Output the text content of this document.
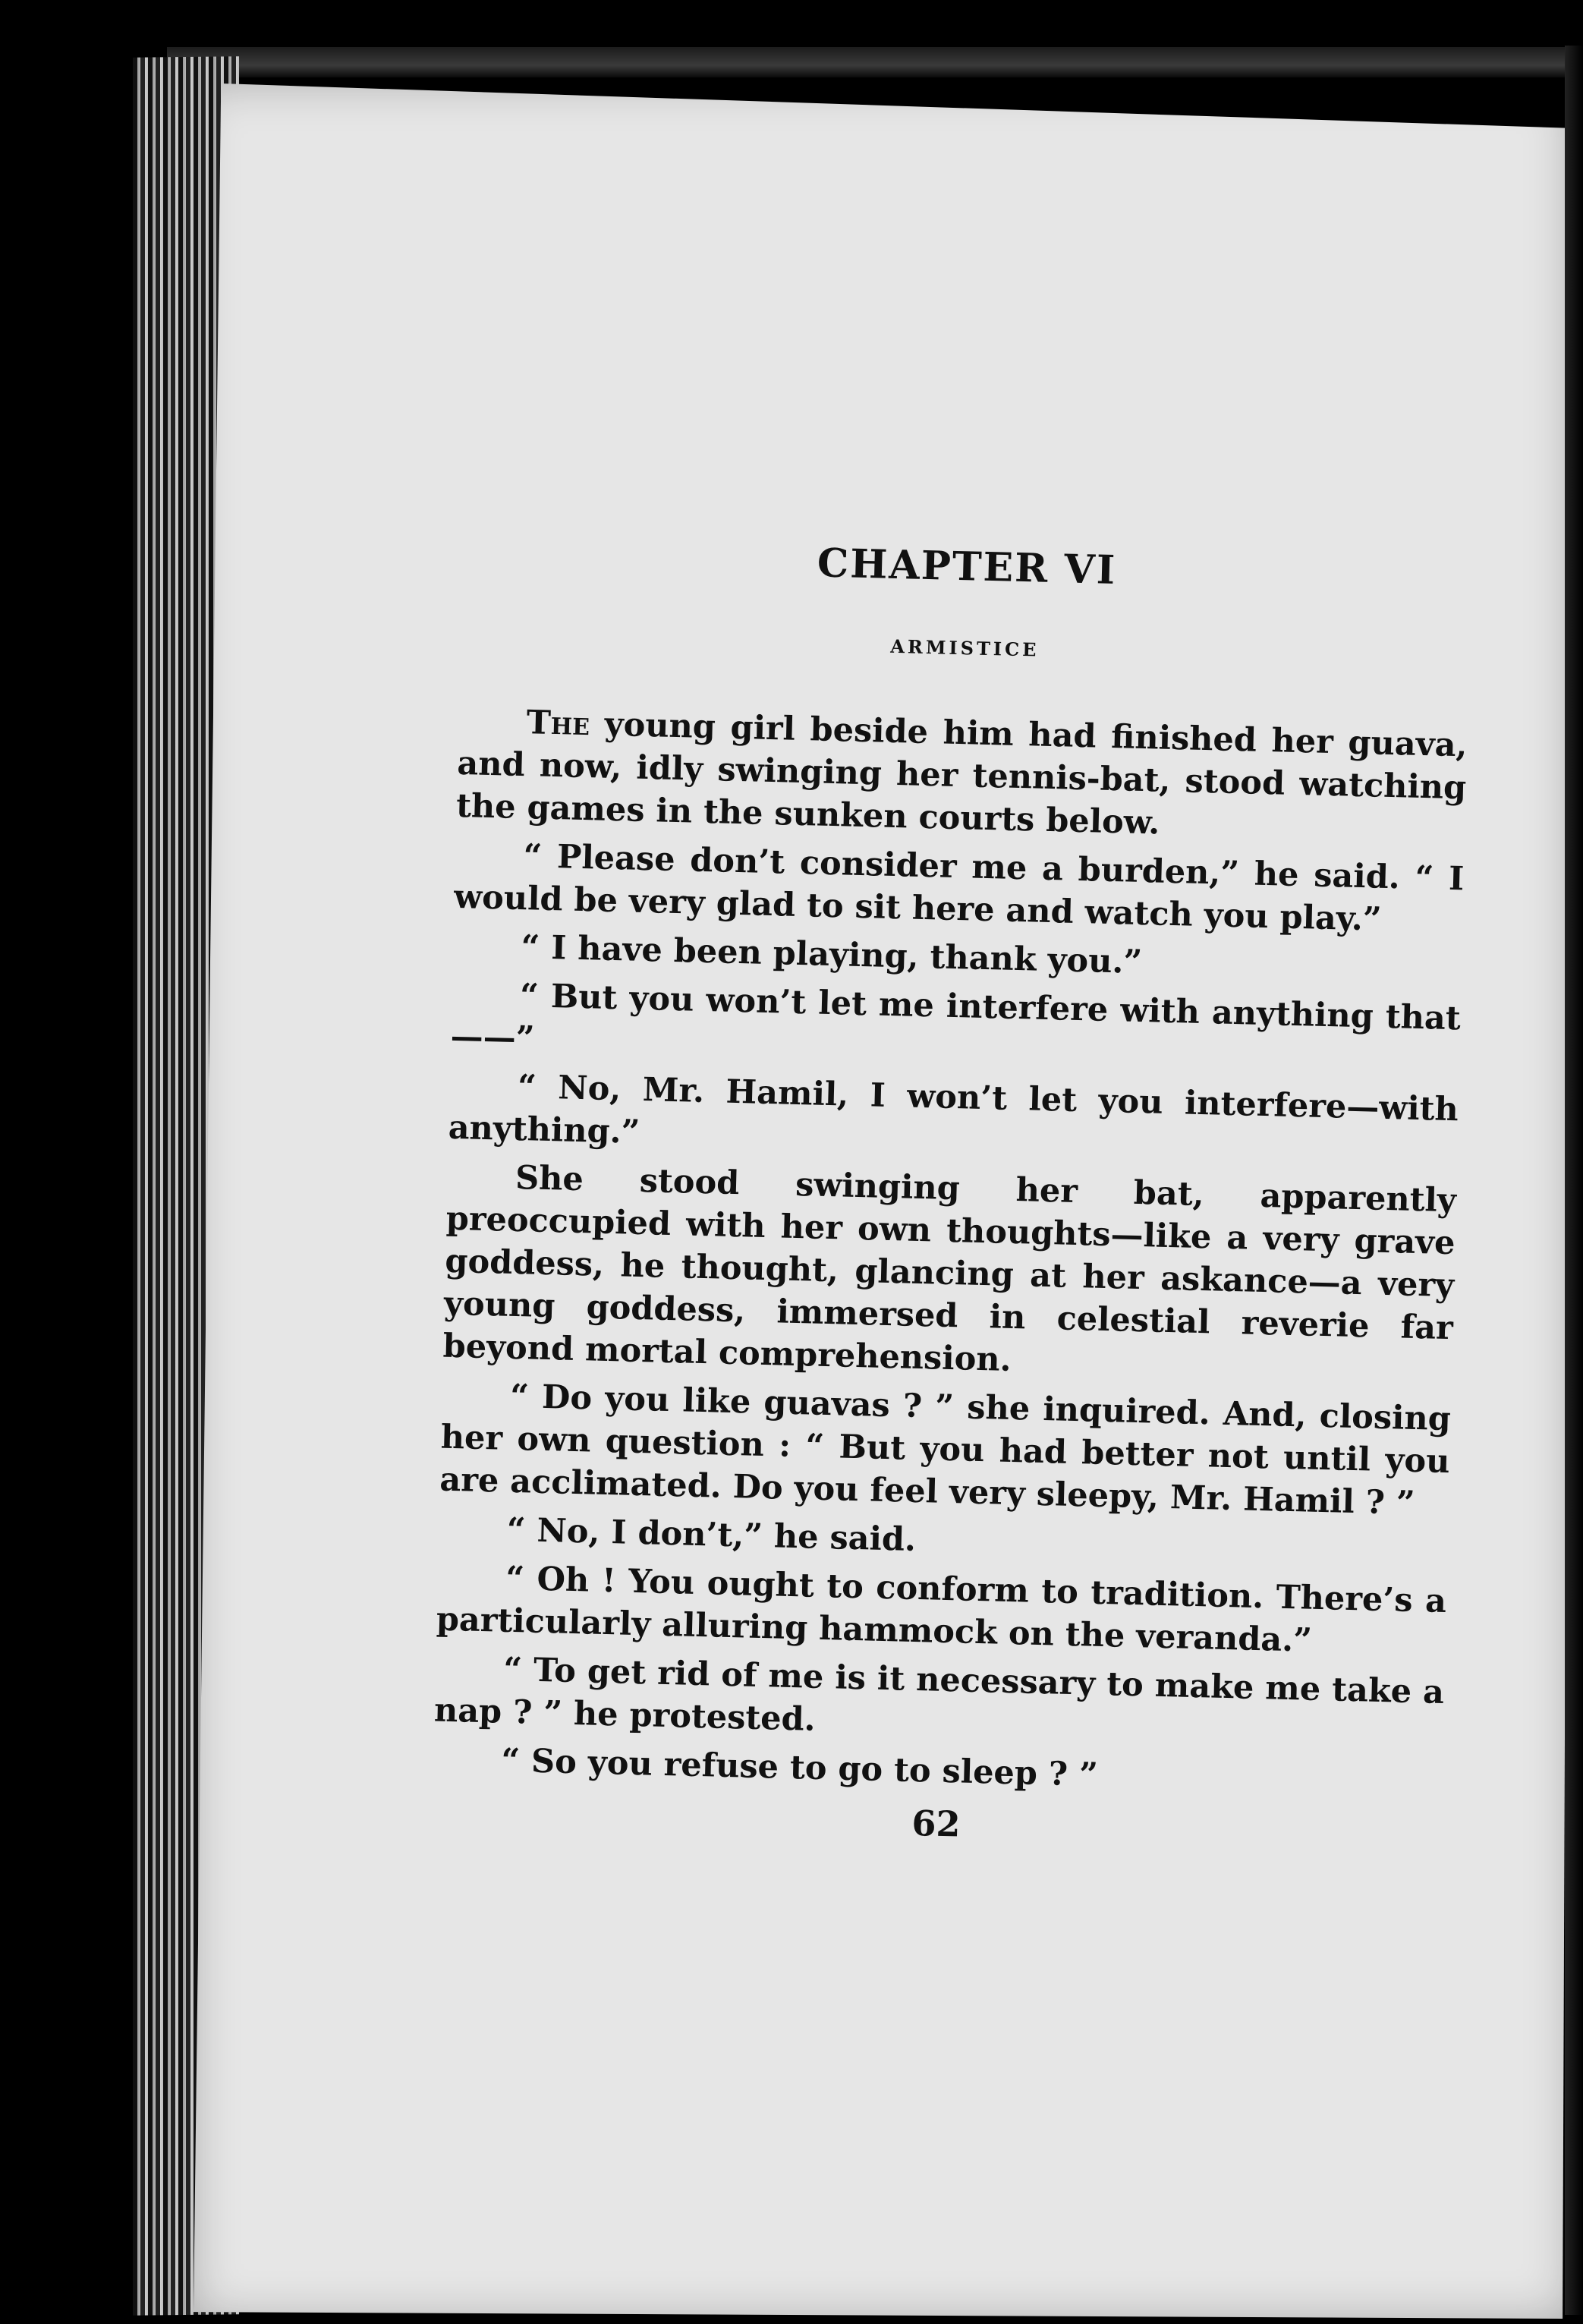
CHAPTER VI
ARMISTICE

The young girl beside him had finished her guava, and now, idly swinging her tennis-bat, stood watching the games in the sunken courts below.

“ Please don’t consider me a burden,” he said. “ I would be very glad to sit here and watch you play.”

“ I have been playing, thank you.”

“ But you won’t let me interfere with anything that——”

“ No, Mr. Hamil, I won’t let you interfere—with anything.”

She stood swinging her bat, apparently preoccupied with her own thoughts—like a very grave goddess, he thought, glancing at her askance—a very young goddess, immersed in celestial reverie far beyond mortal comprehension.

“ Do you like guavas ? ” she inquired. And, closing her own question : “ But you had better not until you are acclimated. Do you feel very sleepy, Mr. Hamil ? ”

“ No, I don’t,” he said.

“ Oh ! You ought to conform to tradition. There’s a particularly alluring hammock on the veranda.”

“ To get rid of me is it necessary to make me take a nap ? ” he protested.

“ So you refuse to go to sleep ? ”

62
